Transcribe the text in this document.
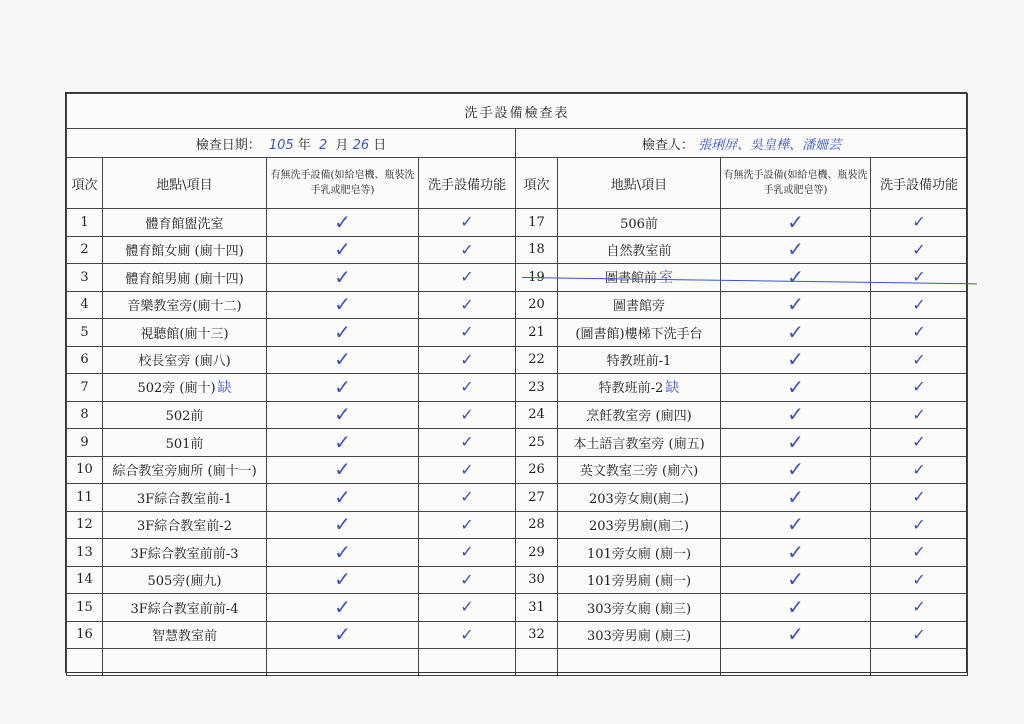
洗手設備檢查表							
檢查日期： 105 年 2 月 26 日				檢查人： 張琍屏、吳皇樺、潘姍芸			
項次	地點\項目	有無洗手設備(如給皂機、瓶裝洗手乳或肥皂等)	洗手設備功能	項次	地點\項目	有無洗手設備(如給皂機、瓶裝洗手乳或肥皂等)	洗手設備功能
1	體育館盥洗室	✓	✓	17	506前	✓	✓
2	體育館女廁 (廁十四)	✓	✓	18	自然教室前	✓	✓
3	體育館男廁 (廁十四)	✓	✓	19	圖書館前 室	✓	✓
4	音樂教室旁(廁十二)	✓	✓	20	圖書館旁	✓	✓
5	視聽館(廁十三)	✓	✓	21	(圖書館)樓梯下洗手台	✓	✓
6	校長室旁 (廁八)	✓	✓	22	特教班前-1	✓	✓
7	502旁 (廁十) 缺	✓	✓	23	特教班前-2 缺	✓	✓
8	502前	✓	✓	24	烹飪教室旁 (廁四)	✓	✓
9	501前	✓	✓	25	本土語言教室旁 (廁五)	✓	✓
10	綜合教室旁廁所 (廁十一)	✓	✓	26	英文教室三旁 (廁六)	✓	✓
11	3F綜合教室前-1	✓	✓	27	203旁女廁(廁二)	✓	✓
12	3F綜合教室前-2	✓	✓	28	203旁男廁(廁二)	✓	✓
13	3F綜合教室前前-3	✓	✓	29	101旁女廁 (廁一)	✓	✓
14	505旁(廁九)	✓	✓	30	101旁男廁 (廁一)	✓	✓
15	3F綜合教室前前-4	✓	✓	31	303旁女廁 (廁三)	✓	✓
16	智慧教室前	✓	✓	32	303旁男廁 (廁三)	✓	✓
